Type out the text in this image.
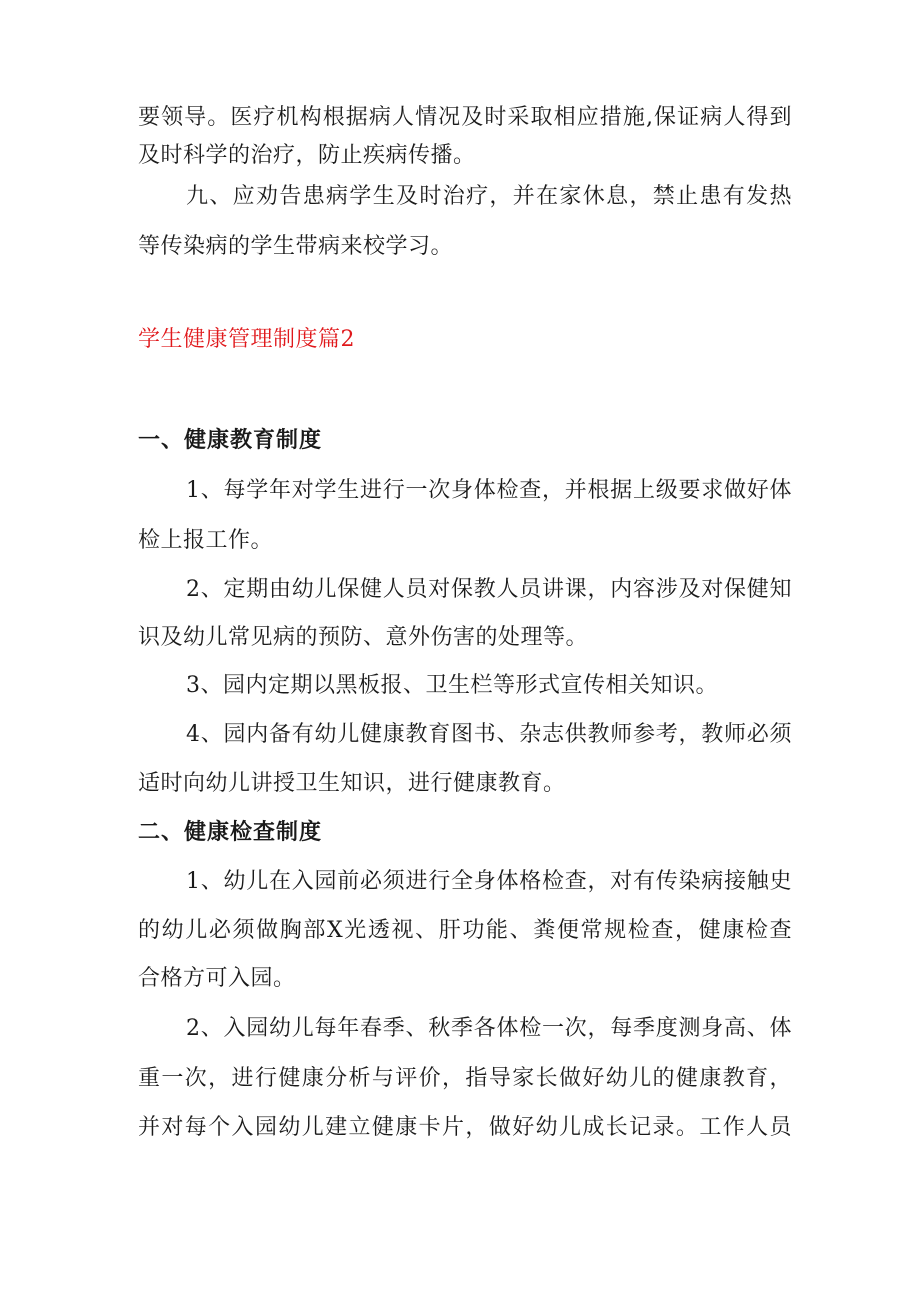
要领导。医疗机构根据病人情况及时采取相应措施,保证病人得到
及时科学的治疗，防止疾病传播。
九、应劝告患病学生及时治疗，并在家休息，禁止患有发热
等传染病的学生带病来校学习。
学生健康管理制度篇2
一、健康教育制度
1、每学年对学生进行一次身体检查，并根据上级要求做好体
检上报工作。
2、定期由幼儿保健人员对保教人员讲课，内容涉及对保健知
识及幼儿常见病的预防、意外伤害的处理等。
3、园内定期以黑板报、卫生栏等形式宣传相关知识。
4、园内备有幼儿健康教育图书、杂志供教师参考，教师必须
适时向幼儿讲授卫生知识，进行健康教育。
二、健康检查制度
1、幼儿在入园前必须进行全身体格检查，对有传染病接触史
的幼儿必须做胸部X光透视、肝功能、粪便常规检查，健康检查
合格方可入园。
2、入园幼儿每年春季、秋季各体检一次，每季度测身高、体
重一次，进行健康分析与评价，指导家长做好幼儿的健康教育，
并对每个入园幼儿建立健康卡片，做好幼儿成长记录。工作人员
